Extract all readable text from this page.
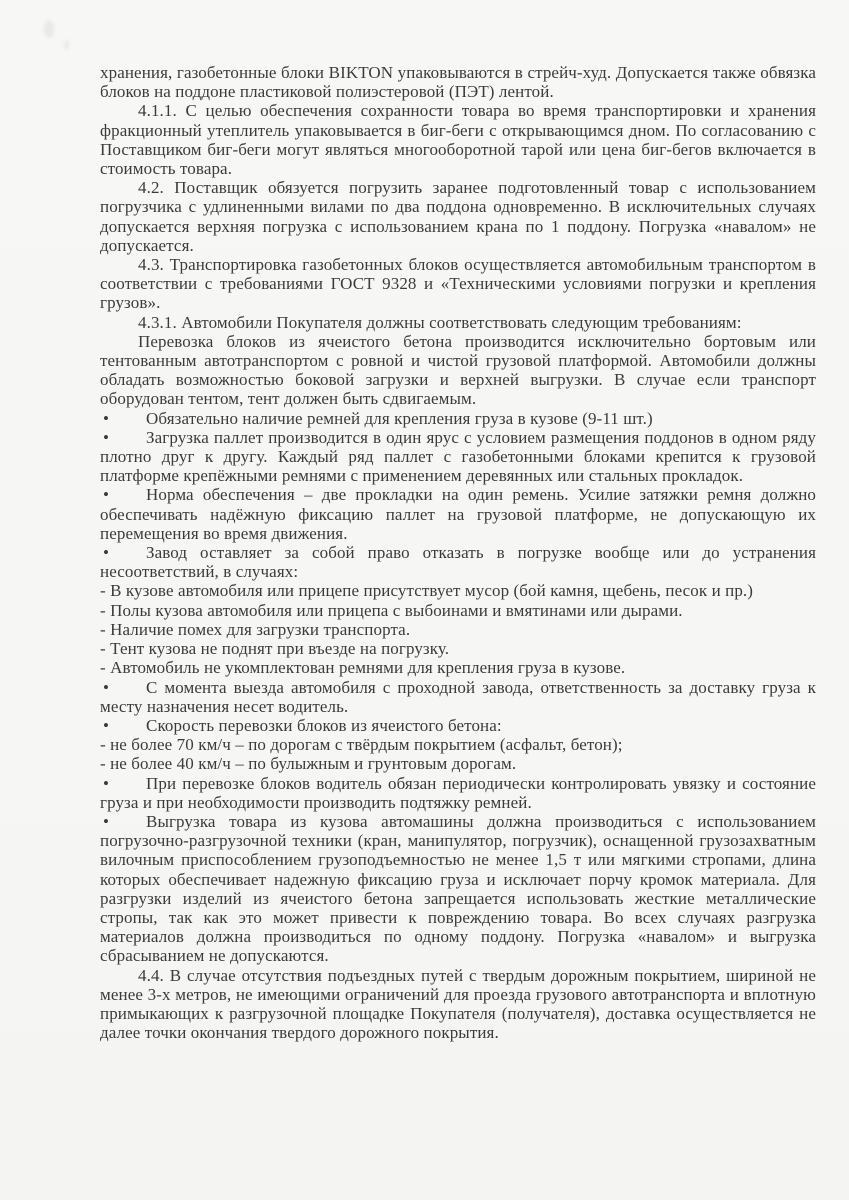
хранения, газобетонные блоки BIKTON упаковываются в стрейч-худ. Допускается также обвязка блоков на поддоне пластиковой полиэстеровой (ПЭТ) лентой.

4.1.1. С целью обеспечения сохранности товара во время транспортировки и хранения фракционный утеплитель упаковывается в биг-беги с открывающимся дном. По согласованию с Поставщиком биг-беги могут являться многооборотной тарой или цена биг-бегов включается в стоимость товара.

4.2. Поставщик обязуется погрузить заранее подготовленный товар с использованием погрузчика с удлиненными вилами по два поддона одновременно. В исключительных случаях допускается верхняя погрузка с использованием крана по 1 поддону. Погрузка «навалом» не допускается.

4.3. Транспортировка газобетонных блоков осуществляется автомобильным транспортом в соответствии с требованиями ГОСТ 9328 и «Техническими условиями погрузки и крепления грузов».

4.3.1. Автомобили Покупателя должны соответствовать следующим требованиям:

Перевозка блоков из ячеистого бетона производится исключительно бортовым или тентованным автотранспортом с ровной и чистой грузовой платформой. Автомобили должны обладать возможностью боковой загрузки и верхней выгрузки. В случае если транспорт оборудован тентом, тент должен быть сдвигаемым.

• Обязательно наличие ремней для крепления груза в кузове (9-11 шт.)

• Загрузка паллет производится в один ярус с условием размещения поддонов в одном ряду плотно друг к другу. Каждый ряд паллет с газобетонными блоками крепится к грузовой платформе крепёжными ремнями с применением деревянных или стальных прокладок.

• Норма обеспечения – две прокладки на один ремень. Усилие затяжки ремня должно обеспечивать надёжную фиксацию паллет на грузовой платформе, не допускающую их перемещения во время движения.

• Завод оставляет за собой право отказать в погрузке вообще или до устранения несоответствий, в случаях:

- В кузове автомобиля или прицепе присутствует мусор (бой камня, щебень, песок и пр.)

- Полы кузова автомобиля или прицепа с выбоинами и вмятинами или дырами.

- Наличие помех для загрузки транспорта.

- Тент кузова не поднят при въезде на погрузку.

- Автомобиль не укомплектован ремнями для крепления груза в кузове.

• С момента выезда автомобиля с проходной завода, ответственность за доставку груза к месту назначения несет водитель.

• Скорость перевозки блоков из ячеистого бетона:

- не более 70 км/ч – по дорогам с твёрдым покрытием (асфальт, бетон);

- не более 40 км/ч – по булыжным и грунтовым дорогам.

• При перевозке блоков водитель обязан периодически контролировать увязку и состояние груза и при необходимости производить подтяжку ремней.

• Выгрузка товара из кузова автомашины должна производиться с использованием погрузочно-разгрузочной техники (кран, манипулятор, погрузчик), оснащенной грузозахватным вилочным приспособлением грузоподъемностью не менее 1,5 т или мягкими стропами, длина которых обеспечивает надежную фиксацию груза и исключает порчу кромок материала. Для разгрузки изделий из ячеистого бетона запрещается использовать жесткие металлические стропы, так как это может привести к повреждению товара. Во всех случаях разгрузка материалов должна производиться по одному поддону. Погрузка «навалом» и выгрузка сбрасыванием не допускаются.

4.4. В случае отсутствия подъездных путей с твердым дорожным покрытием, шириной не менее 3-х метров, не имеющими ограничений для проезда грузового автотранспорта и вплотную примыкающих к разгрузочной площадке Покупателя (получателя), доставка осуществляется не далее точки окончания твердого дорожного покрытия.
